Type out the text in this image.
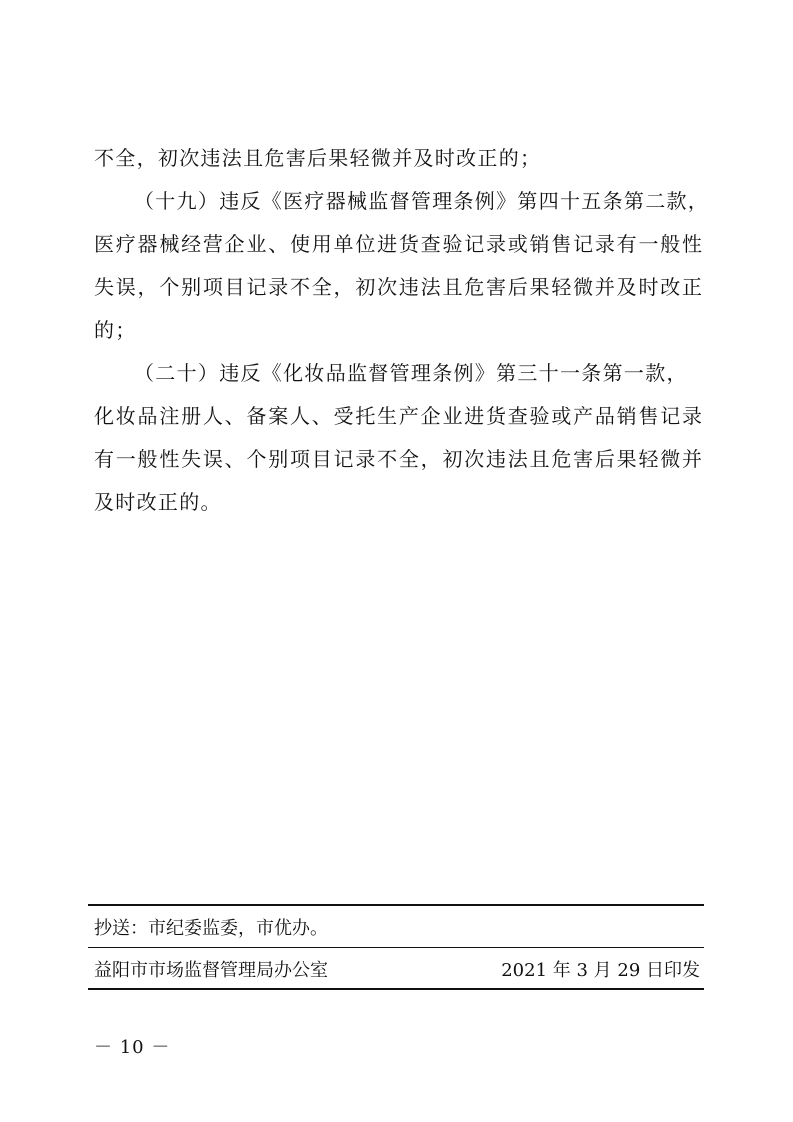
不全，初次违法且危害后果轻微并及时改正的；
（十九）违反《医疗器械监督管理条例》第四十五条第二款，
医疗器械经营企业、使用单位进货查验记录或销售记录有一般性
失误，个别项目记录不全，初次违法且危害后果轻微并及时改正
的；
（二十）违反《化妆品监督管理条例》第三十一条第一款，
化妆品注册人、备案人、受托生产企业进货查验或产品销售记录
有一般性失误、个别项目记录不全，初次违法且危害后果轻微并
及时改正的。
抄送：市纪委监委，市优办。
益阳市市场监督管理局办公室	2021 年 3 月 29 日印发
－ 10 －
